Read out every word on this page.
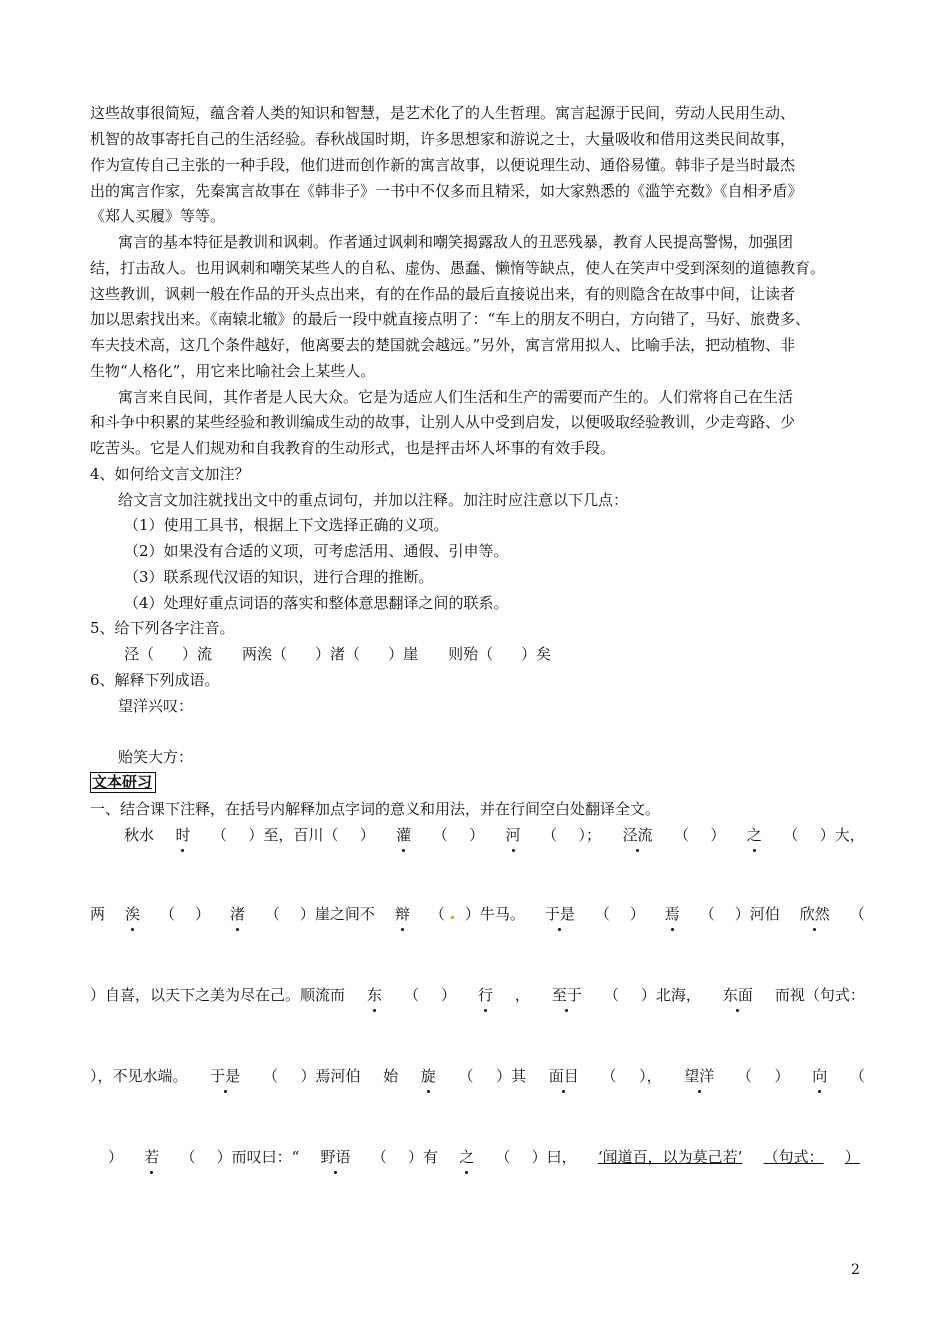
这些故事很简短，蕴含着人类的知识和智慧，是艺术化了的人生哲理。寓言起源于民间，劳动人民用生动、
机智的故事寄托自己的生活经验。春秋战国时期，许多思想家和游说之士，大量吸收和借用这类民间故事，
作为宣传自己主张的一种手段，他们进而创作新的寓言故事，以便说理生动、通俗易懂。韩非子是当时最杰
出的寓言作家，先秦寓言故事在《韩非子》一书中不仅多而且精采，如大家熟悉的《滥竽充数》《自相矛盾》
《郑人买履》等等。
寓言的基本特征是教训和讽刺。作者通过讽刺和嘲笑揭露敌人的丑恶残暴，教育人民提高警惕，加强团
结，打击敌人。也用讽刺和嘲笑某些人的自私、虚伪、愚蠢、懒惰等缺点，使人在笑声中受到深刻的道德教育。
这些教训，讽刺一般在作品的开头点出来，有的在作品的最后直接说出来，有的则隐含在故事中间，让读者
加以思索找出来。《南辕北辙》的最后一段中就直接点明了：“车上的朋友不明白，方向错了，马好、旅费多、
车夫技术高，这几个条件越好，他离要去的楚国就会越远。”另外，寓言常用拟人、比喻手法，把动植物、非
生物“人格化”，用它来比喻社会上某些人。
寓言来自民间，其作者是人民大众。它是为适应人们生活和生产的需要而产生的。人们常将自己在生活
和斗争中积累的某些经验和教训编成生动的故事，让别人从中受到启发，以便吸取经验教训，少走弯路、少
吃苦头。它是人们规劝和自我教育的生动形式，也是抨击坏人坏事的有效手段。
4、如何给文言文加注？
给文言文加注就找出文中的重点词句，并加以注释。加注时应注意以下几点：
（1）使用工具书，根据上下文选择正确的义项。
（2）如果没有合适的义项，可考虑活用、通假、引申等。
（3）联系现代汉语的知识，进行合理的推断。
（4）处理好重点词语的落实和整体意思翻译之间的联系。
5、给下列各字注音。
泾（ ）流 两涘（ ）渚（ ）崖 则殆（ ）矣
6、解释下列成语。
望洋兴叹：
贻笑大方：
文本研习
一、结合课下注释，在括号内解释加点字词的意义和用法，并在行间空白处翻译全文。
秋水 时 （ ）至，百川（ ） 灌 （ ） 河 （ ）； 泾流 （ ） 之 （ ）大，
两 涘 （ ） 渚 （ ）崖之间不 辩 （ ）牛马。 于是 （ ） 焉 （ ）河伯 欣然 （
）自喜，以天下之美为尽在己。顺流而 东 （ ） 行 ， 至于 （ ）北海， 东面 而视（句式：
），不见水端。 于是 （ ）焉河伯 始 旋 （ ）其 面目 （ ）， 望洋 （ ） 向 （
） 若 （ ）而叹曰：“ 野语 （ ）有 之 （ ）曰， ‘闻道百，以为莫己若’ （句式： ）
2
